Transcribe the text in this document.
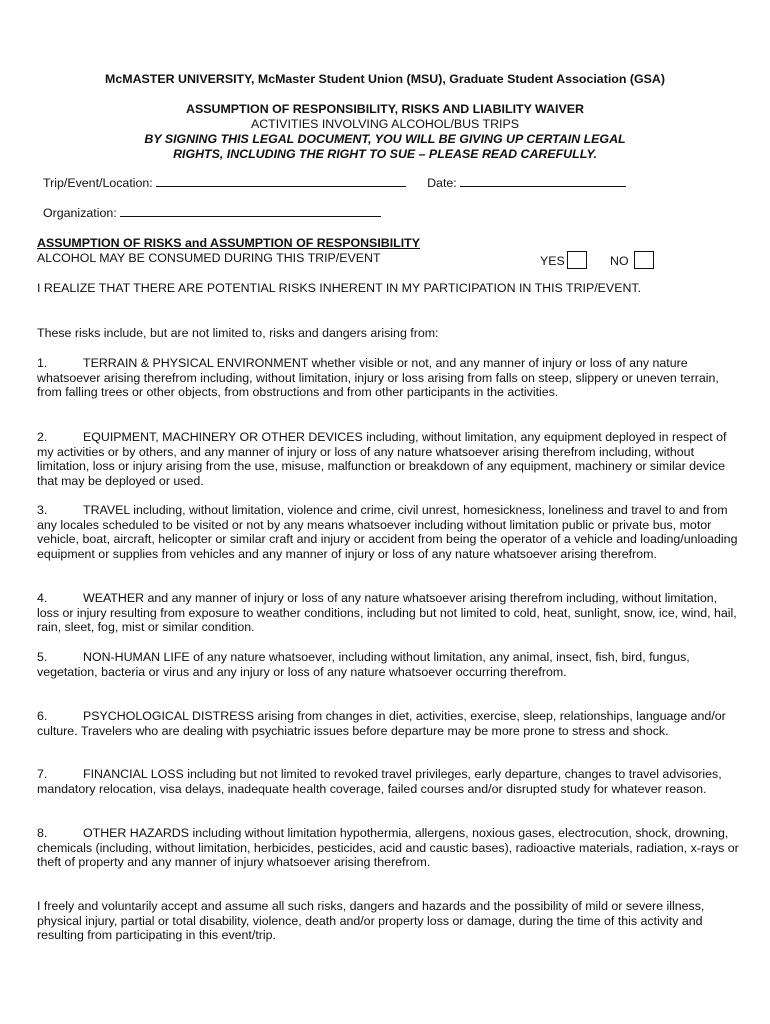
McMASTER UNIVERSITY, McMaster Student Union (MSU), Graduate Student Association (GSA)
ASSUMPTION OF RESPONSIBILITY, RISKS AND LIABILITY WAIVER
ACTIVITIES INVOLVING ALCOHOL/BUS TRIPS
BY SIGNING THIS LEGAL DOCUMENT, YOU WILL BE GIVING UP CERTAIN LEGAL
RIGHTS, INCLUDING THE RIGHT TO SUE – PLEASE READ CAREFULLY.
Trip/Event/Location:	Date:
Organization:
ASSUMPTION OF RISKS and ASSUMPTION OF RESPONSIBILITY
ALCOHOL MAY BE CONSUMED DURING THIS TRIP/EVENT	YES	NO
I REALIZE THAT THERE ARE POTENTIAL RISKS INHERENT IN MY PARTICIPATION IN THIS TRIP/EVENT.
These risks include, but are not limited to, risks and dangers arising from:
1.	TERRAIN & PHYSICAL ENVIRONMENT whether visible or not, and any manner of injury or loss of any nature whatsoever arising therefrom including, without limitation, injury or loss arising from falls on steep, slippery or uneven terrain, from falling trees or other objects, from obstructions and from other participants in the activities.
2.	EQUIPMENT, MACHINERY OR OTHER DEVICES including, without limitation, any equipment deployed in respect of my activities or by others, and any manner of injury or loss of any nature whatsoever arising therefrom including, without limitation, loss or injury arising from the use, misuse, malfunction or breakdown of any equipment, machinery or similar device that may be deployed or used.
3.	TRAVEL including, without limitation, violence and crime, civil unrest, homesickness, loneliness and travel to and from any locales scheduled to be visited or not by any means whatsoever including without limitation public or private bus, motor vehicle, boat, aircraft, helicopter or similar craft and injury or accident from being the operator of a vehicle and loading/unloading equipment or supplies from vehicles and any manner of injury or loss of any nature whatsoever arising therefrom.
4.	WEATHER and any manner of injury or loss of any nature whatsoever arising therefrom including, without limitation, loss or injury resulting from exposure to weather conditions, including but not limited to cold, heat, sunlight, snow, ice, wind, hail, rain, sleet, fog, mist or similar condition.
5.	NON-HUMAN LIFE of any nature whatsoever, including without limitation, any animal, insect, fish, bird, fungus, vegetation, bacteria or virus and any injury or loss of any nature whatsoever occurring therefrom.
6.	PSYCHOLOGICAL DISTRESS arising from changes in diet, activities, exercise, sleep, relationships, language and/or culture. Travelers who are dealing with psychiatric issues before departure may be more prone to stress and shock.
7.	FINANCIAL LOSS including but not limited to revoked travel privileges, early departure, changes to travel advisories, mandatory relocation, visa delays, inadequate health coverage, failed courses and/or disrupted study for whatever reason.
8.	OTHER HAZARDS including without limitation hypothermia, allergens, noxious gases, electrocution, shock, drowning, chemicals (including, without limitation, herbicides, pesticides, acid and caustic bases), radioactive materials, radiation, x-rays or theft of property and any manner of injury whatsoever arising therefrom.
I freely and voluntarily accept and assume all such risks, dangers and hazards and the possibility of mild or severe illness, physical injury, partial or total disability, violence, death and/or property loss or damage, during the time of this activity and resulting from participating in this event/trip.
